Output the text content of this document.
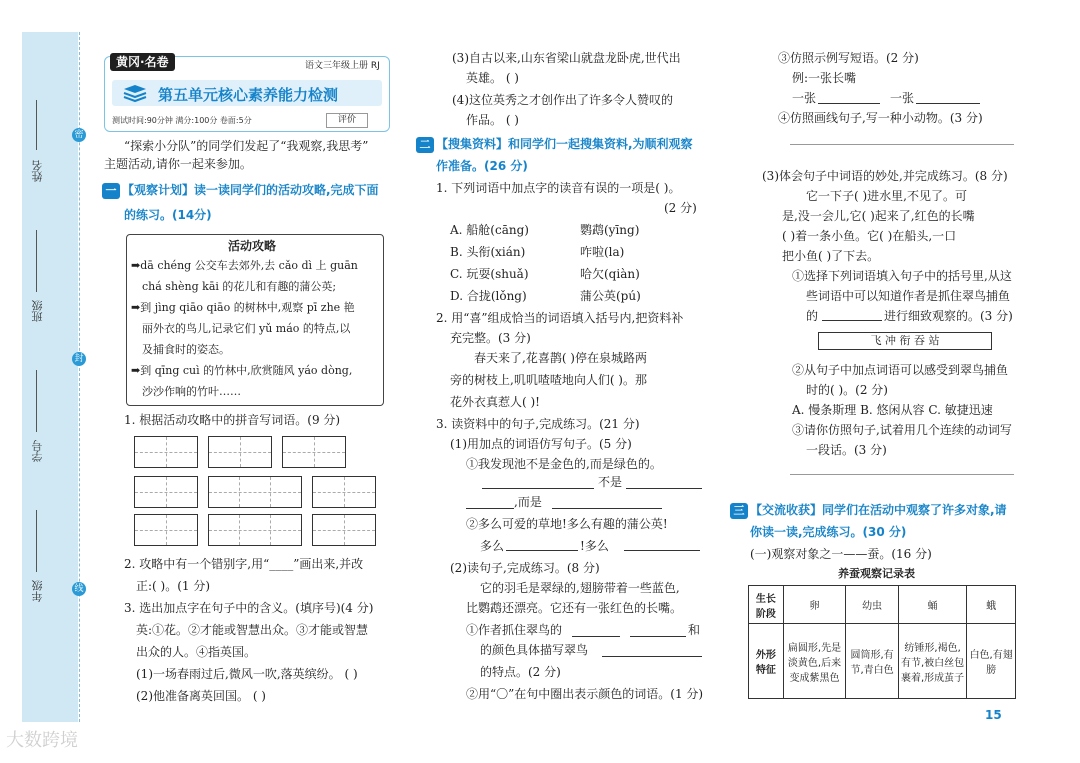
姓名
班级
学号
年级
密
封
线
黄冈·名卷	语文三年级上册 RJ
第五单元核心素养能力检测
测试时间:90分钟 满分:100分 卷面:5分	评价
“探索小分队”的同学们发起了“我观察,我思考”
主题活动,请你一起来参加。
一 【观察计划】读一读同学们的活动攻略,完成下面
的练习。(14分)
活动攻略
➡dā chéng 公交车去郊外,去 cǎo dì 上 guān
chá shèng kāi 的花儿和有趣的蒲公英;
➡到 jìng qiāo qiāo 的树林中,观察 pī zhe 艳
丽外衣的鸟儿,记录它们 yǔ máo 的特点,以
及捕食时的姿态。
➡到 qīng cuì 的竹林中,欣赏随风 yáo dòng,
沙沙作响的竹叶……
1. 根据活动攻略中的拼音写词语。(9 分)
2. 攻略中有一个错别字,用“____”画出来,并改
正:( )。(1 分)
3. 选出加点字在句子中的含义。(填序号)(4 分)
英:①花。②才能或智慧出众。③才能或智慧
出众的人。④指英国。
(1)一场春雨过后,微风一吹,落英缤纷。 ( )
(2)他准备离英回国。 ( )
(3)自古以来,山东省梁山就盘龙卧虎,世代出
英雄。 ( )
(4)这位英秀之才创作出了许多令人赞叹的
作品。 ( )
二 【搜集资料】和同学们一起搜集资料,为顺利观察
作准备。(26 分)
1. 下列词语中加点字的读音有误的一项是( )。
(2 分)
A. 船舱(cāng)	鹦鹉(yīng)
B. 头衔(xián)	咋啦(la)
C. 玩耍(shuǎ)	哈欠(qiàn)
D. 合拢(lǒng)	蒲公英(pú)
2. 用“喜”组成恰当的词语填入括号内,把资料补
充完整。(3 分)
春天来了,花喜鹊( )停在泉城路两
旁的树枝上,叽叽喳喳地向人们( )。那
花外衣真惹人( )!
3. 读资料中的句子,完成练习。(21 分)
(1)用加点的词语仿写句子。(5 分)
①我发现池不是金色的,而是绿色的。
不是
,而是
②多么可爱的草地!多么有趣的蒲公英!
多么	!多么
(2)读句子,完成练习。(8 分)
它的羽毛是翠绿的,翅膀带着一些蓝色,
比鹦鹉还漂亮。它还有一张红色的长嘴。
①作者抓住翠鸟的	和
的颜色具体描写翠鸟
的特点。(2 分)
②用“〇”在句中圈出表示颜色的词语。(1 分)
③仿照示例写短语。(2 分)
例:一张长嘴
一张	一张
④仿照画线句子,写一种小动物。(3 分)
(3)体会句子中词语的妙处,并完成练习。(8 分)
它一下子( )进水里,不见了。可
是,没一会儿,它( )起来了,红色的长嘴
( )着一条小鱼。它( )在船头,一口
把小鱼( )了下去。
①选择下列词语填入句子中的括号里,从这
些词语中可以知道作者是抓住翠鸟捕鱼
的	进行细致观察的。(3 分)
飞 冲 衔 吞 站
②从句子中加点词语可以感受到翠鸟捕鱼
时的( )。(2 分)
A. 慢条斯理 B. 悠闲从容 C. 敏捷迅速
③请你仿照句子,试着用几个连续的动词写
一段话。(3 分)
三 【交流收获】同学们在活动中观察了许多对象,请
你读一读,完成练习。(30 分)
(一)观察对象之一——蚕。(16 分)
养蚕观察记录表
生长阶段	卵	幼虫	蛹	蛾
外形特征	扁圆形,先是淡黄色,后来变成紫黑色	圆筒形,有节,青白色	纺锤形,褐色,有节,被白丝包裹着,形成茧子	白色,有翅膀
15
大数跨境
